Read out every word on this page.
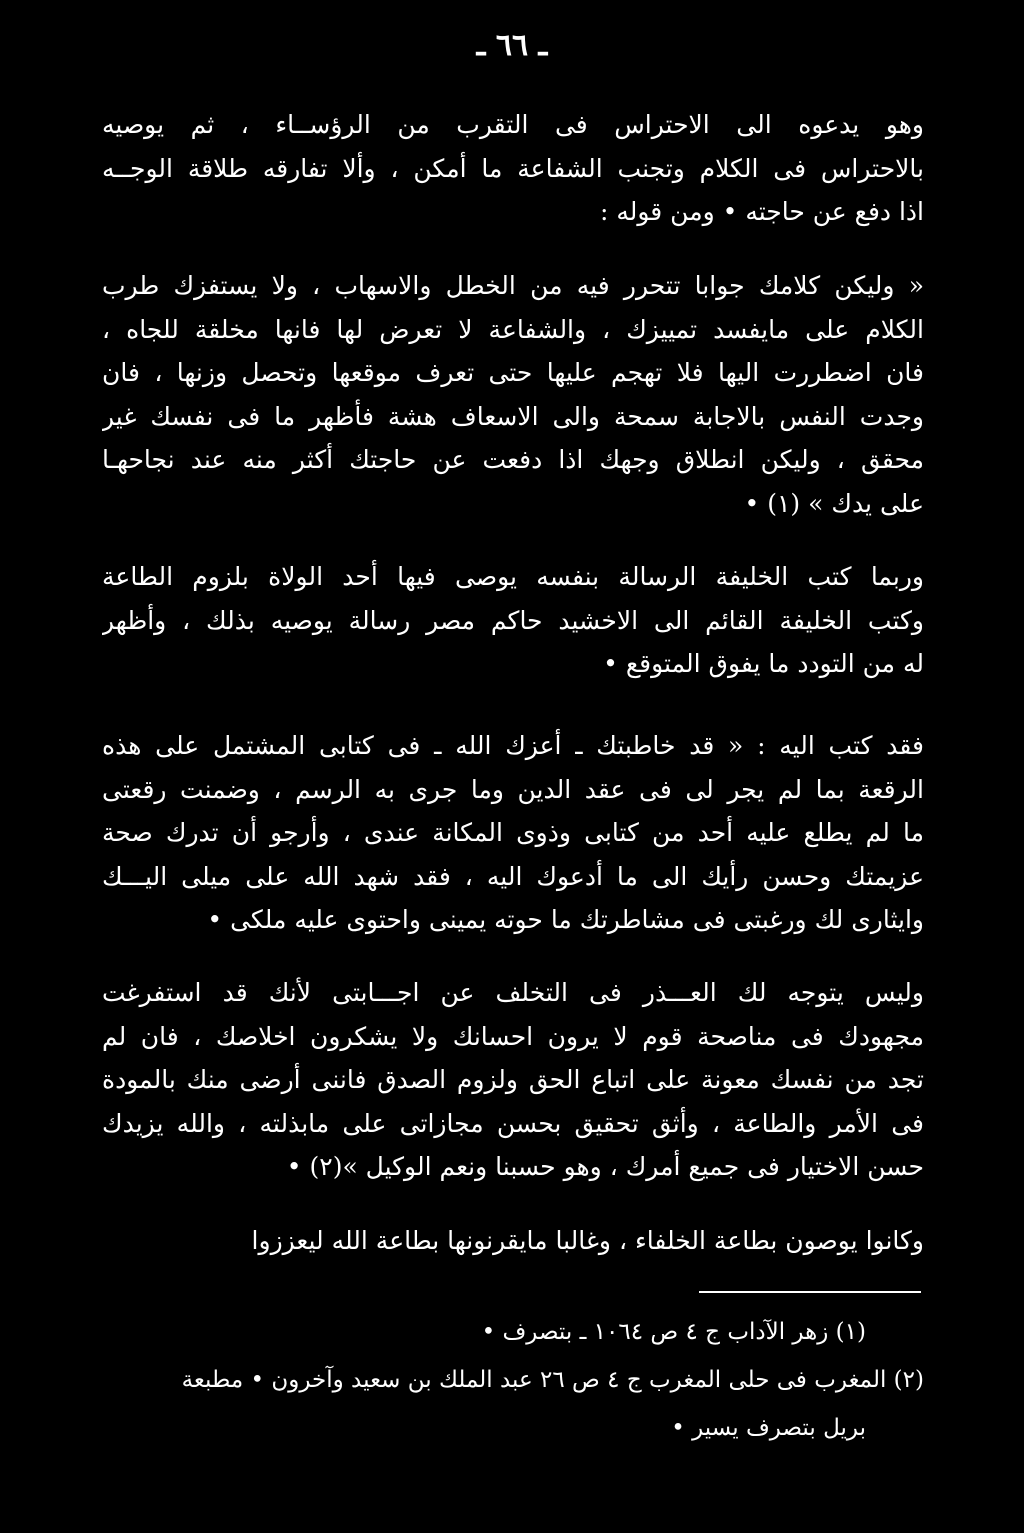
ـ ٦٦ ـ
وهو يدعوه الى الاحتراس فى التقرب من الرؤســاء ، ثم يوصيه
بالاحتراس فى الكلام وتجنب الشفاعة ما أمكن ، وألا تفارقه طلاقة الوجــه
اذا دفع عن حاجته • ومن قوله :
« وليكن كلامك جوابا تتحرر فيه من الخطل والاسهاب ، ولا يستفزك طرب
الكلام على مايفسد تمييزك ، والشفاعة لا تعرض لها فانها مخلقة للجاه ،
فان اضطررت اليها فلا تهجم عليها حتى تعرف موقعها وتحصل وزنها ، فان
وجدت النفس بالاجابة سمحة والى الاسعاف هشة فأظهر ما فى نفسك غير
محقق ، وليكن انطلاق وجهك اذا دفعت عن حاجتك أكثر منه عند نجاحهـا
على يدك » (١) •
وربما كتب الخليفة الرسالة بنفسه يوصى فيها أحد الولاة بلزوم الطاعة
وكتب الخليفة القائم الى الاخشيد حاكم مصر رسالة يوصيه بذلك ، وأظهر
له من التودد ما يفوق المتوقع •
فقد كتب اليه : « قد خاطبتك ـ أعزك الله ـ فى كتابى المشتمل على هذه
الرقعة بما لم يجر لى فى عقد الدين وما جرى به الرسم ، وضمنت رقعتى
ما لم يطلع عليه أحد من كتابى وذوى المكانة عندى ، وأرجو أن تدرك صحة
عزيمتك وحسن رأيك الى ما أدعوك اليه ، فقد شهد الله على ميلى اليـــك
وايثارى لك ورغبتى فى مشاطرتك ما حوته يمينى واحتوى عليه ملكى •
وليس يتوجه لك العـــذر فى التخلف عن اجـــابتى لأنك قد استفرغت
مجهودك فى مناصحة قوم لا يرون احسانك ولا يشكرون اخلاصك ، فان لم
تجد من نفسك معونة على اتباع الحق ولزوم الصدق فاننى أرضى منك بالمودة
فى الأمر والطاعة ، وأثق تحقيق بحسن مجازاتى على مابذلته ، والله يزيدك
حسن الاختيار فى جميع أمرك ، وهو حسبنا ونعم الوكيل »(٢) •
وكانوا يوصون بطاعة الخلفاء ، وغالبا مايقرنونها بطاعة الله ليعززوا
(١) زهر الآداب ج ٤ ص ١٠٦٤ ـ بتصرف •
(٢) المغرب فى حلى المغرب ج ٤ ص ٢٦ عبد الملك بن سعيد وآخرون • مطبعة
بريل بتصرف يسير •
